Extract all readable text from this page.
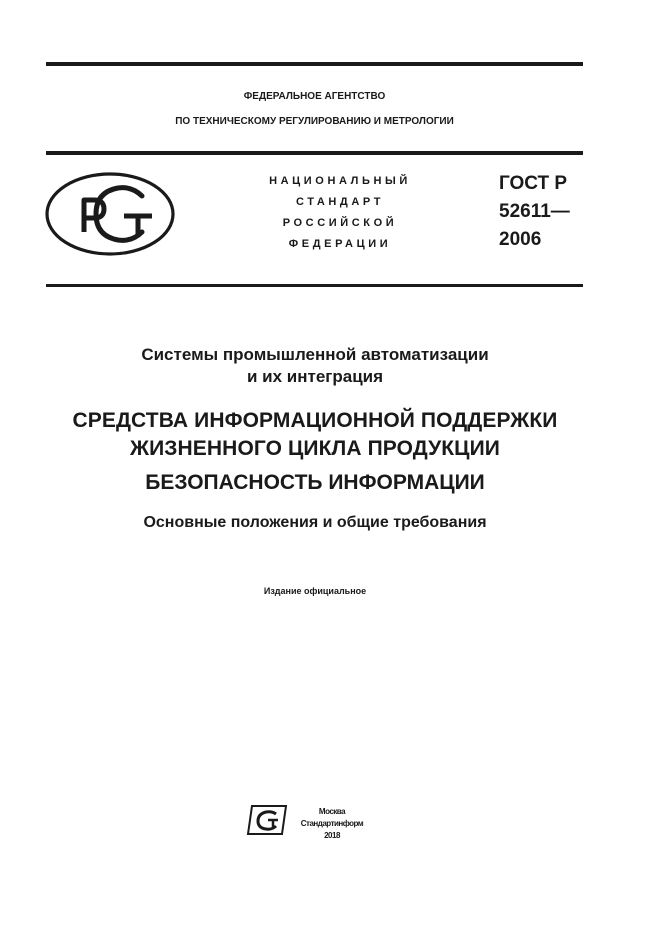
ФЕДЕРАЛЬНОЕ АГЕНТСТВО
ПО ТЕХНИЧЕСКОМУ РЕГУЛИРОВАНИЮ И МЕТРОЛОГИИ
НАЦИОНАЛЬНЫЙ
СТАНДАРТ
РОССИЙСКОЙ
ФЕДЕРАЦИИ
ГОСТ Р
52611—
2006
Системы промышленной автоматизации
и их интеграция
СРЕДСТВА ИНФОРМАЦИОННОЙ ПОДДЕРЖКИ
ЖИЗНЕННОГО ЦИКЛА ПРОДУКЦИИ
БЕЗОПАСНОСТЬ ИНФОРМАЦИИ
Основные положения и общие требования
Издание официальное
Москва
Стандартинформ
2018
